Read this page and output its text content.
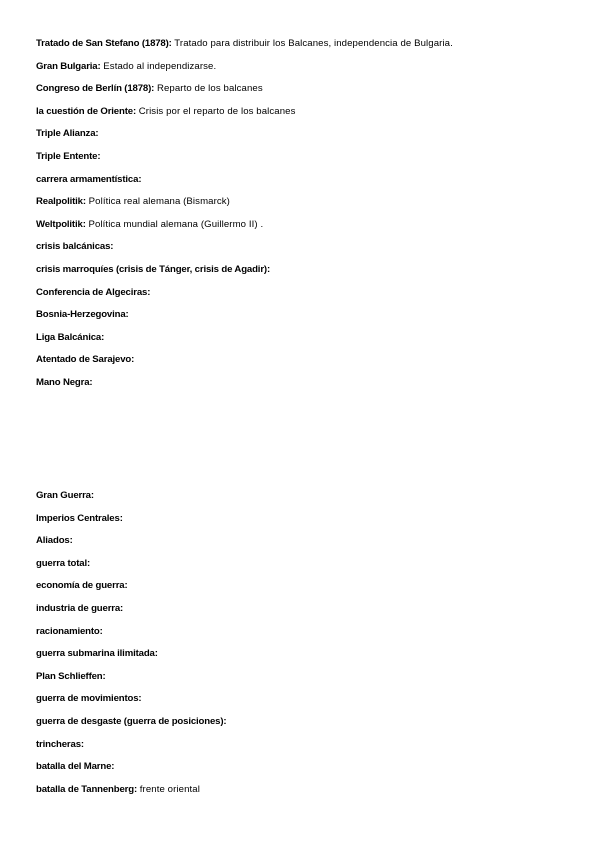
Tratado de San Stefano (1878): Tratado para distribuir los Balcanes, independencia de Bulgaria.
Gran Bulgaria: Estado al independizarse.
Congreso de Berlín (1878): Reparto de los balcanes
la cuestión de Oriente: Crisis por el reparto de los balcanes
Triple Alianza:
Triple Entente:
carrera armamentística:
Realpolitik: Política real alemana (Bismarck)
Weltpolitik: Política mundial alemana (Guillermo II) .
crisis balcánicas:
crisis marroquíes (crisis de Tánger, crisis de Agadir):
Conferencia de Algeciras:
Bosnia-Herzegovina:
Liga Balcánica:
Atentado de Sarajevo:
Mano Negra:
Gran Guerra:
Imperios Centrales:
Aliados:
guerra total:
economía de guerra:
industria de guerra:
racionamiento:
guerra submarina ilimitada:
Plan Schlieffen:
guerra de movimientos:
guerra de desgaste (guerra de posiciones):
trincheras:
batalla del Marne:
batalla de Tannenberg: frente oriental
